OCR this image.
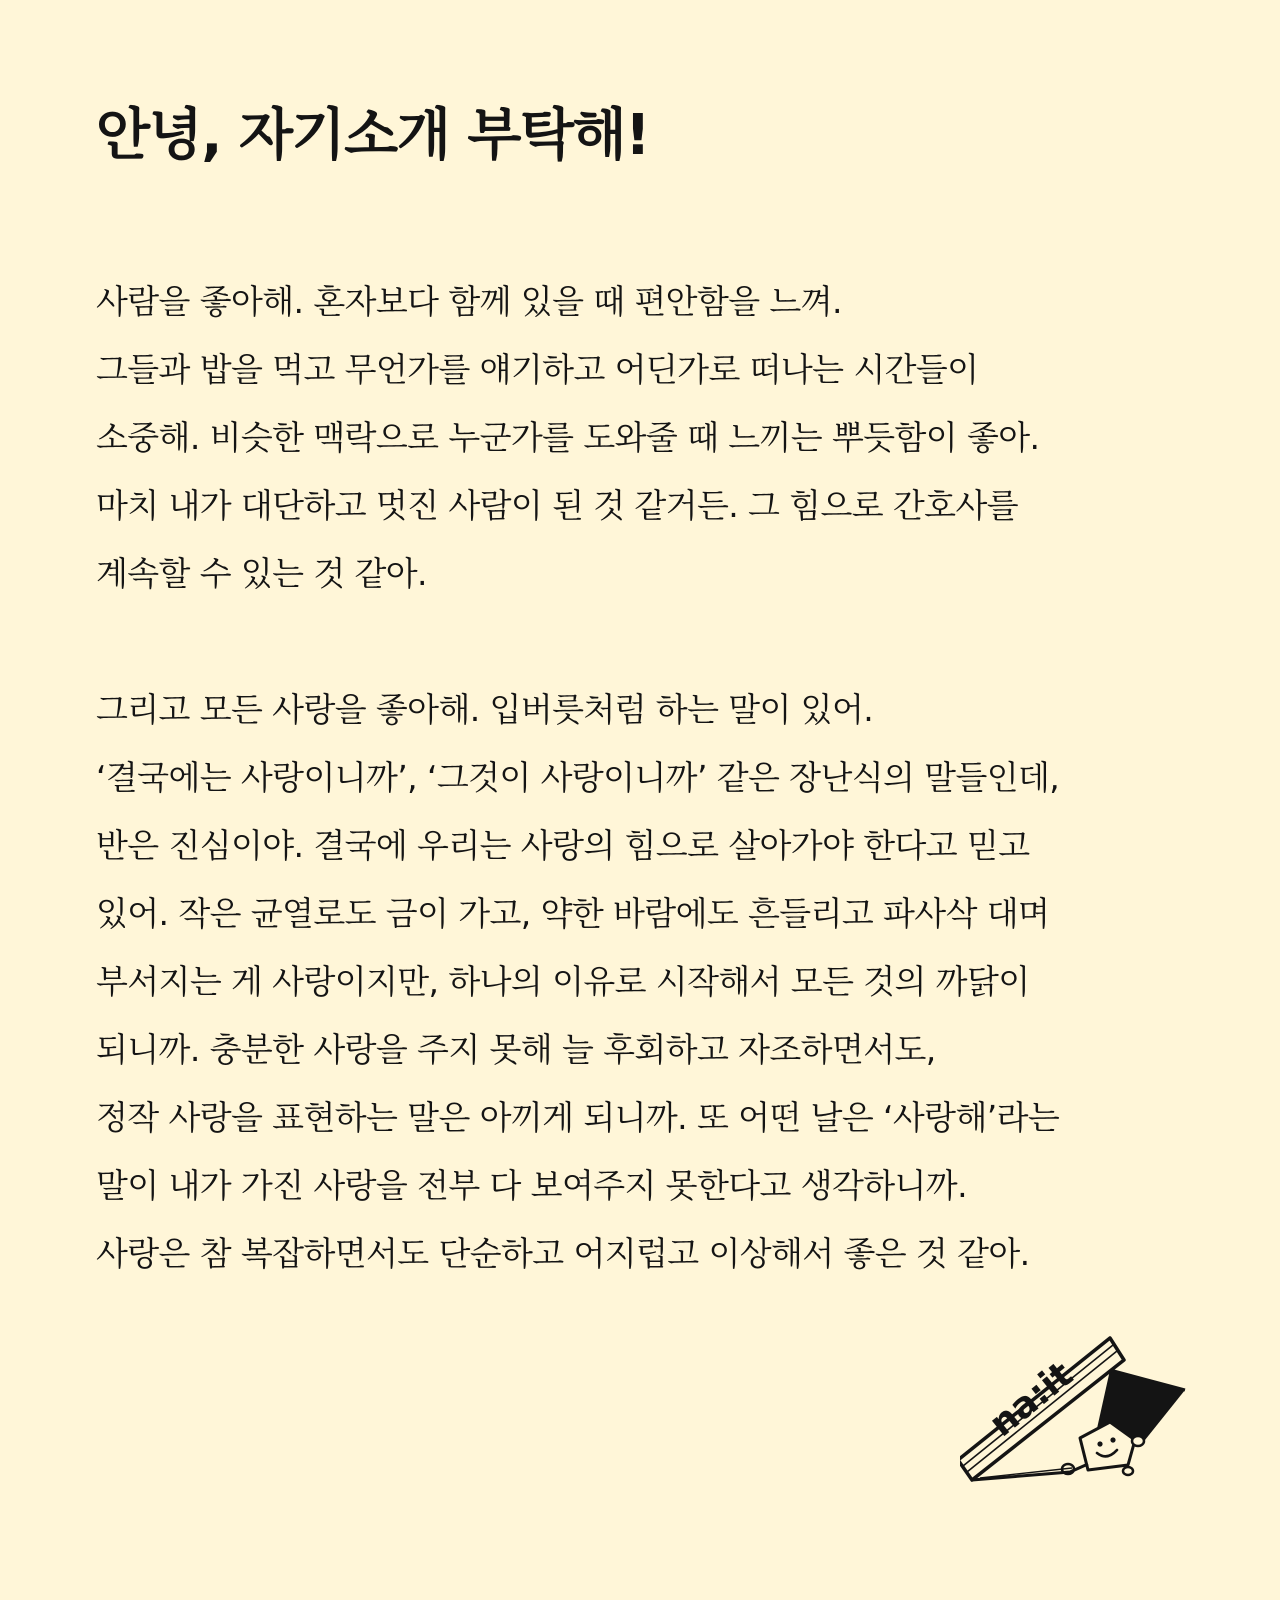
안녕, 자기소개 부탁해!

사람을 좋아해. 혼자보다 함께 있을 때 편안함을 느껴.
그들과 밥을 먹고 무언가를 얘기하고 어딘가로 떠나는 시간들이
소중해. 비슷한 맥락으로 누군가를 도와줄 때 느끼는 뿌듯함이 좋아.
마치 내가 대단하고 멋진 사람이 된 것 같거든. 그 힘으로 간호사를
계속할 수 있는 것 같아.

그리고 모든 사랑을 좋아해. 입버릇처럼 하는 말이 있어.
‘결국에는 사랑이니까’, ‘그것이 사랑이니까’ 같은 장난식의 말들인데,
반은 진심이야. 결국에 우리는 사랑의 힘으로 살아가야 한다고 믿고
있어. 작은 균열로도 금이 가고, 약한 바람에도 흔들리고 파사삭 대며
부서지는 게 사랑이지만, 하나의 이유로 시작해서 모든 것의 까닭이
되니까. 충분한 사랑을 주지 못해 늘 후회하고 자조하면서도,
정작 사랑을 표현하는 말은 아끼게 되니까. 또 어떤 날은 ‘사랑해’라는
말이 내가 가진 사랑을 전부 다 보여주지 못한다고 생각하니까.
사랑은 참 복잡하면서도 단순하고 어지럽고 이상해서 좋은 것 같아.

na:it
